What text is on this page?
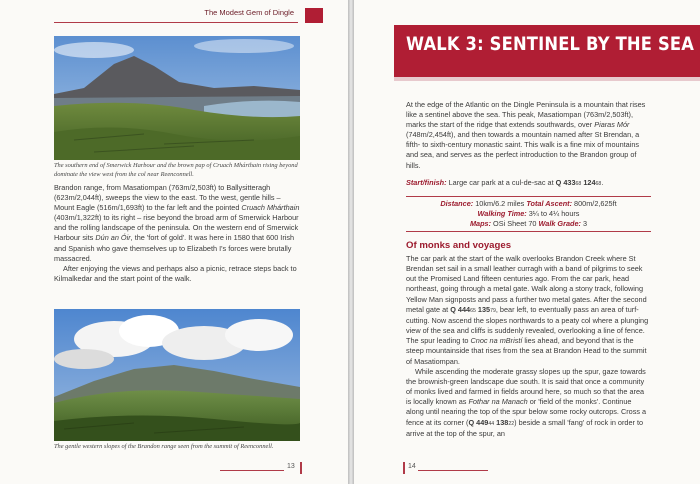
The Modest Gem of Dingle
The southern end of Smerwick Harbour and the brown pap of Cruach Mhárthain rising beyond dominate the view west from the col near Reenconnell.

Brandon range, from Masatiompan (763m/2,503ft) to Ballysitteragh (623m/2,044ft), sweeps the view to the east. To the west, gentle hills – Mount Eagle (516m/1,693ft) to the far left and the pointed Cruach Mhárthain (403m/1,322ft) to its right – rise beyond the broad arm of Smerwick Harbour and the rolling landscape of the peninsula. On the western end of Smerwick Harbour sits Dún an Óir, the 'fort of gold'. It was here in 1580 that 600 Irish and Spanish who gave themselves up to Elizabeth I's forces were brutally massacred.

After enjoying the views and perhaps also a picnic, retrace steps back to Kilmalkedar and the start point of the walk.

The gentle western slopes of the Brandon range seen from the summit of Reenconnell.
13
WALK 3: SENTINEL BY THE SEA
At the edge of the Atlantic on the Dingle Peninsula is a mountain that rises like a sentinel above the sea. This peak, Masatiompan (763m/2,503ft), marks the start of the ridge that extends southwards, over Piaras Mór (748m/2,454ft), and then towards a mountain named after St Brendan, a fifth- to sixth-century monastic saint. This walk is a fine mix of mountains and sea, and serves as the perfect introduction to the Brandon group of hills.
Start/finish: Large car park at a cul-de-sac at Q 43368 12468.
Distance: 10km/6.2 miles Total Ascent: 800m/2,625ft
Walking Time: 3¼ to 4¼ hours
Maps: OSi Sheet 70 Walk Grade: 3
Of monks and voyages

The car park at the start of the walk overlooks Brandon Creek where St Brendan set sail in a small leather curragh with a band of pilgrims to seek out the Promised Land fifteen centuries ago. From the car park, head northeast, going through a metal gate. Walk along a stony track, following Yellow Man signposts and pass a further two metal gates. After the second metal gate at Q 44465 13579, bear left, to eventually pass an area of turf-cutting. Now ascend the slopes northwards to a peaty col where a plunging view of the sea and cliffs is suddenly revealed, overlooking a line of fence. The spur leading to Cnoc na mBristí lies ahead, and beyond that is the steep mountainside that rises from the sea at Brandon Head to the summit of Masatiompan.

While ascending the moderate grassy slopes up the spur, gaze towards the brownish-green landscape due south. It is said that once a community of monks lived and farmed in fields around here, so much so that the area is locally known as Fothar na Manach or 'field of the monks'. Continue along until nearing the top of the spur below some rocky outcrops. Cross a fence at its corner (Q 44944 13822) beside a small 'fang' of rock in order to arrive at the top of the spur, an

14
